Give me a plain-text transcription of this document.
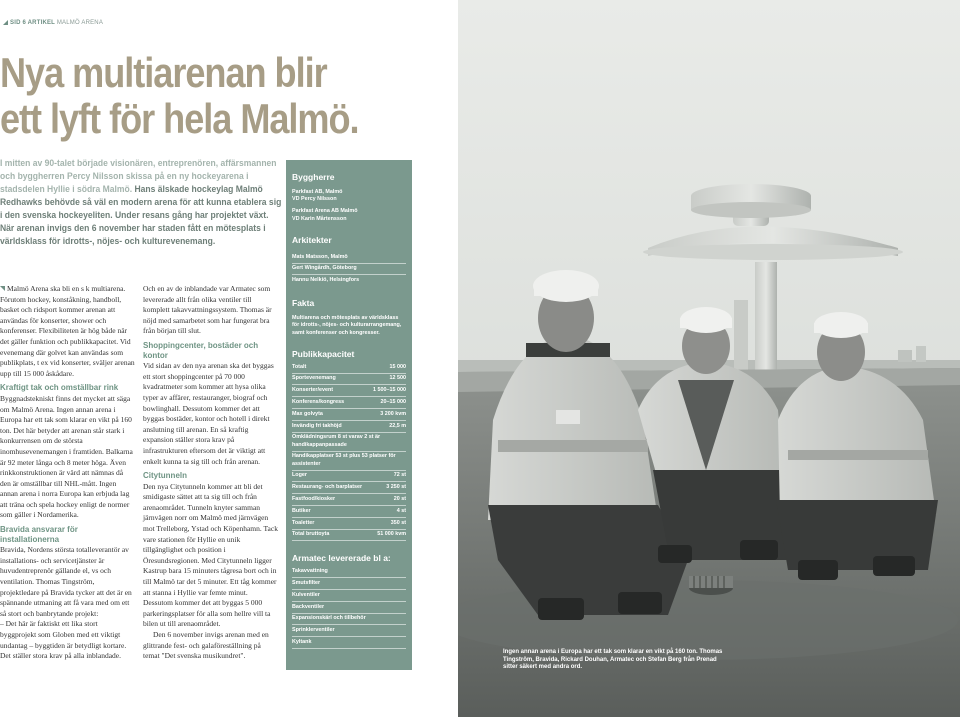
SID 6 ARTIKEL MALMÖ ARENA
Nya multiarenan blir
ett lyft för hela Malmö.
I mitten av 90-talet började visionären, entreprenören, affärsmannen och byggherren Percy Nilsson skissa på en ny hockeyarena i stadsdelen Hyllie i södra Malmö. Hans älskade hockeylag Malmö Redhawks behövde så väl en modern arena för att kunna etablera sig i den svenska hockeyeliten. Under resans gång har projektet växt. När arenan invigs den 6 november har staden fått en mötesplats i världsklass för idrotts-, nöjes- och kulturevenemang.

Malmö Arena ska bli en s k multiarena. Förutom hockey, konståkning, handboll, basket och ridsport kommer arenan att användas för konserter, shower och konferenser. Flexibiliteten är hög både när det gäller funktion och publikkapacitet. Vid evenemang där golvet kan användas som publikplats, t ex vid konserter, sväljer arenan upp till 15 000 åskådare.

Kraftigt tak och omställbar rink

Byggnadstekniskt finns det mycket att säga om Malmö Arena. Ingen annan arena i Europa har ett tak som klarar en vikt på 160 ton. Det här betyder att arenan står stark i konkurrensen om de största inomhusevenemangen i framtiden. Balkarna är 92 meter långa och 8 meter höga. Även rinkkonstruktionen är värd att nämnas då den är omställbar till NHL-mått. Ingen annan arena i norra Europa kan erbjuda lag att träna och spela hockey enligt de normer som gäller i Nordamerika.

Bravida ansvarar för installationerna

Bravida, Nordens största totalleverantör av installations- och servicetjänster är huvudentreprenör gällande el, vs och ventilation. Thomas Tingström, projektledare på Bravida tycker att det är en spännande utmaning att få vara med om ett så stort och banbrytande projekt:

– Det här är faktiskt ett lika stort byggprojekt som Globen med ett viktigt undantag – byggtiden är betydligt kortare. Det ställer stora krav på alla inblandade.

Och en av de inblandade var Armatec som levererade allt från olika ventiler till komplett takavvattningssystem. Thomas är nöjd med samarbetet som har fungerat bra från början till slut.

Shoppingcenter, bostäder och kontor

Vid sidan av den nya arenan ska det byggas ett stort shoppingcenter på 70 000 kvadratmeter som kommer att hysa olika typer av affärer, restauranger, biograf och bowlinghall. Dessutom kommer det att byggas bostäder, kontor och hotell i direkt anslutning till arenan. En så kraftig expansion ställer stora krav på infrastrukturen eftersom det är viktigt att enkelt kunna ta sig till och från arenan.

Citytunneln

Den nya Citytunneln kommer att bli det smidigaste sättet att ta sig till och från arenaområdet. Tunneln knyter samman järnvägen norr om Malmö med järnvägen mot Trelleborg, Ystad och Köpenhamn. Tack vare stationen för Hyllie en unik tillgänglighet och position i Öresundsregionen. Med Citytunneln ligger Kastrup bara 15 minuters tågresa bort och in till Malmö tar det 5 minuter. Ett tåg kommer att stanna i Hyllie var femte minut. Dessutom kommer det att byggas 5 000 parkeringsplatser för alla som hellre vill ta bilen ut till arenaområdet.

Den 6 november invigs arenan med en glittrande fest- och galaföreställning på temat "Det svenska musikundret".

Byggherre
Parkfast AB, Malmö
VD Percy Nilsson
Parkfast Arena AB Malmö
VD Karin Mårtensson
Arkitekter
Mats Matsson, Malmö
Gert Wingårdh, Göteborg
Hannu Nelkiö, Helsingfors
Fakta
Multiarena och mötesplats av världsklass för idrotts-, nöjes- och kulturarrangemang, samt konferenser och kongresser.
Publikkapacitet
Totalt	15 000
Sportevenemang	12 500
Konserter/event	1 500–15 000
Konferens/kongress	20–15 000
Max golvyta	3 200 kvm
Invändig fri takhöjd	22,5 m
Omklädningsrum 8 st varav 2 st är handikappanpassade
Handikapplatser 53 st plus 53 platser för assistenter
Loger	72 st
Restaurang- och barplatser	3 250 st
Fastfood/kiosker	20 st
Butiker	4 st
Toaletter	350 st
Total bruttoyta	51 000 kvm
Armatec levererade bl a:
Takavvattning
Smutsfilter
Kulventiler
Backventiler
Expansionskärl och tillbehör
Sprinklerventiler
Kyltank
Ingen annan arena i Europa har ett tak som klarar en vikt på 160 ton. Thomas Tingström, Bravida, Rickard Douhan, Armatec och Stefan Berg från Prenad sitter säkert med andra ord.
